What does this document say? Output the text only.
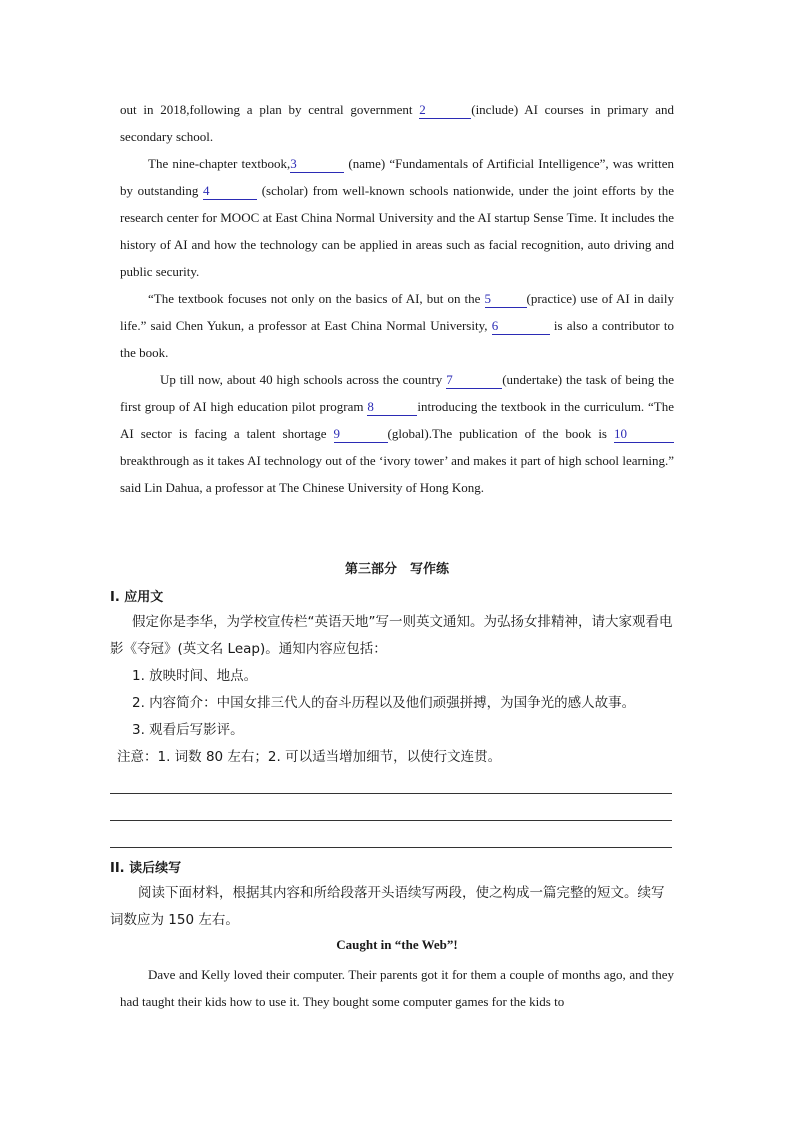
out in 2018,following a plan by central government 2	(include) AI courses in primary and secondary school.

The nine-chapter textbook,3	(name) “Fundamentals of Artificial Intelligence”, was written by outstanding 4	(scholar) from well-known schools nationwide, under the joint efforts by the research center for MOOC at East China Normal University and the AI startup Sense Time. It includes the history of AI and how the technology can be applied in areas such as facial recognition, auto driving and public security.

“The textbook focuses not only on the basics of AI, but on the 5	(practice) use of AI in daily life.” said Chen Yukun, a professor at East China Normal University, 6	is also a contributor to the book.

Up till now, about 40 high schools across the country 7	(undertake) the task of being the first group of AI high education pilot program 8	introducing the textbook in the curriculum. “The AI sector is facing a talent shortage 9	(global).The publication of the book is 10 breakthrough as it takes AI technology out of the ‘ivory tower’ and makes it part of high school learning.” said Lin Dahua, a professor at The Chinese University of Hong Kong.

第三部分　写作练
I. 应用文

假定你是李华，为学校宣传栏“英语天地”写一则英文通知。为弘扬女排精神，请大家观看电影《夺冠》(英文名 Leap)。通知内容应包括：

1. 放映时间、地点。
2. 内容简介：中国女排三代人的奋斗历程以及他们顽强拼搏，为国争光的感人故事。
3. 观看后写影评。
注意：1. 词数 80 左右；2. 可以适当增加细节，以使行文连贯。
II. 读后续写

阅读下面材料，根据其内容和所给段落开头语续写两段，使之构成一篇完整的短文。续写词数应为 150 左右。

Caught in “the Web”!

Dave and Kelly loved their computer. Their parents got it for them a couple of months ago, and they had taught their kids how to use it. They bought some computer games for the kids to
